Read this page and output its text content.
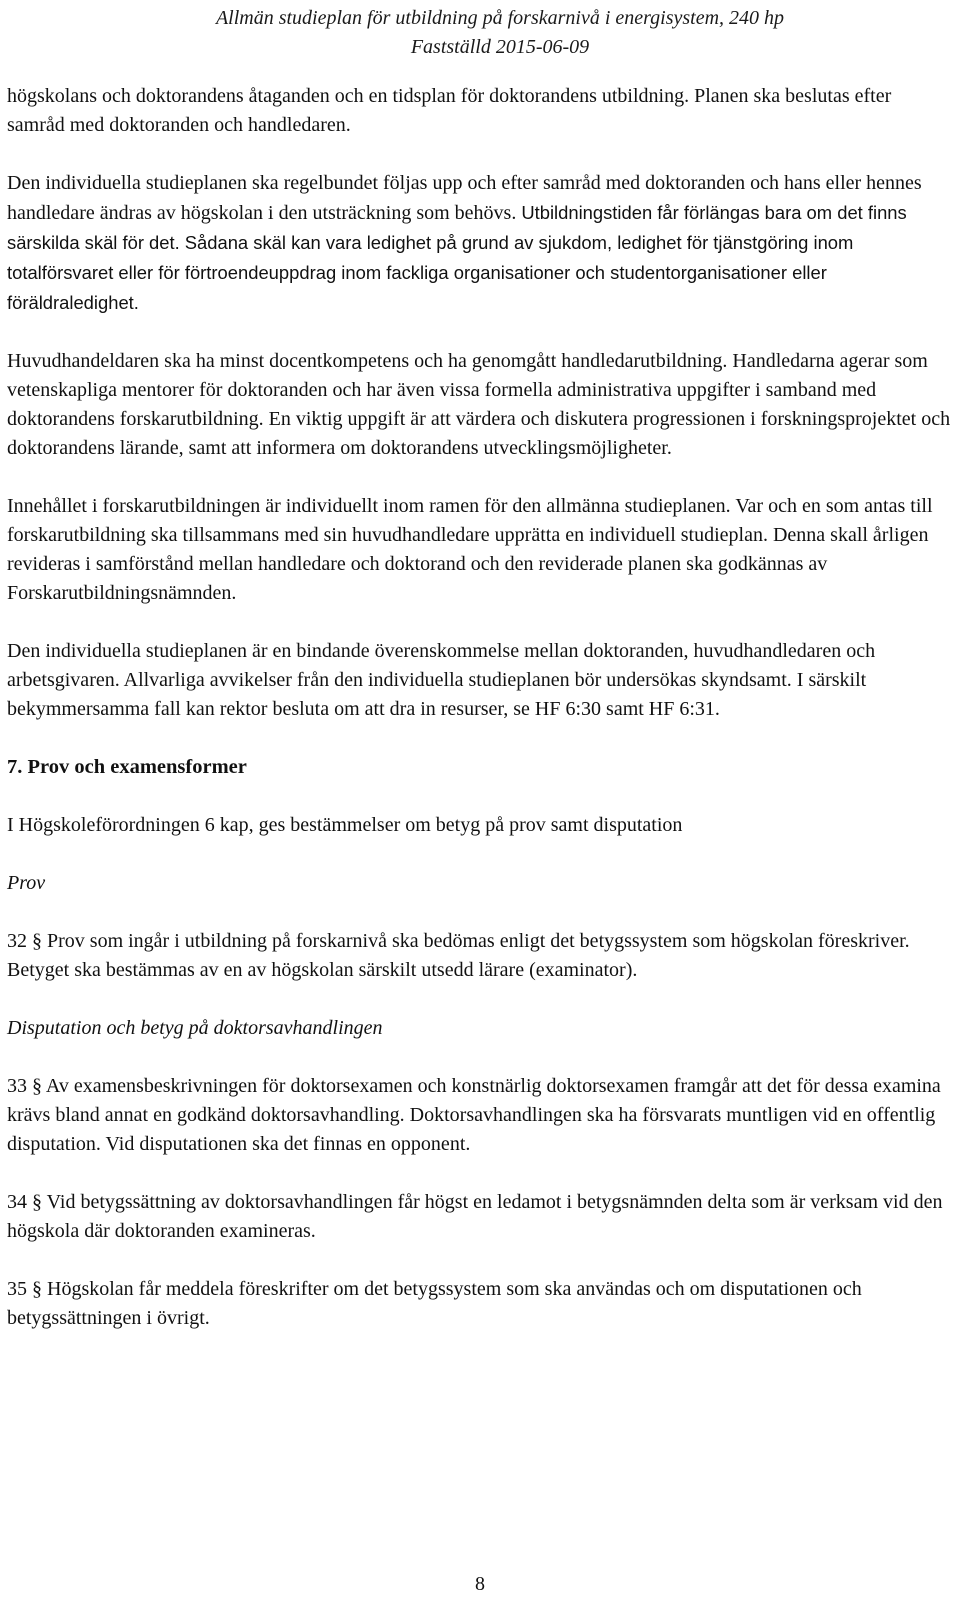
Allmän studieplan för utbildning på forskarnivå i energisystem, 240 hp
Fastställd 2015-06-09

högskolans och doktorandens åtaganden och en tidsplan för doktorandens utbildning. Planen ska beslutas efter samråd med doktoranden och handledaren.

Den individuella studieplanen ska regelbundet följas upp och efter samråd med doktoranden och hans eller hennes handledare ändras av högskolan i den utsträckning som behövs. Utbildningstiden får förlängas bara om det finns särskilda skäl för det. Sådana skäl kan vara ledighet på grund av sjukdom, ledighet för tjänstgöring inom totalförsvaret eller för förtroendeuppdrag inom fackliga organisationer och studentorganisationer eller föräldraledighet.

Huvudhandeldaren ska ha minst docentkompetens och ha genomgått handledarutbildning. Handledarna agerar som vetenskapliga mentorer för doktoranden och har även vissa formella administrativa uppgifter i samband med doktorandens forskarutbildning. En viktig uppgift är att värdera och diskutera progressionen i forskningsprojektet och doktorandens lärande, samt att informera om doktorandens utvecklingsmöjligheter.

Innehållet i forskarutbildningen är individuellt inom ramen för den allmänna studieplanen. Var och en som antas till forskarutbildning ska tillsammans med sin huvudhandledare upprätta en individuell studieplan. Denna skall årligen revideras i samförstånd mellan handledare och doktorand och den reviderade planen ska godkännas av Forskarutbildningsnämnden.

Den individuella studieplanen är en bindande överenskommelse mellan doktoranden, huvudhandledaren och arbetsgivaren. Allvarliga avvikelser från den individuella studieplanen bör undersökas skyndsamt. I särskilt bekymmersamma fall kan rektor besluta om att dra in resurser, se HF 6:30 samt HF 6:31.

7. Prov och examensformer

I Högskoleförordningen 6 kap, ges bestämmelser om betyg på prov samt disputation

Prov

32 § Prov som ingår i utbildning på forskarnivå ska bedömas enligt det betygssystem som högskolan föreskriver. Betyget ska bestämmas av en av högskolan särskilt utsedd lärare (examinator).

Disputation och betyg på doktorsavhandlingen

33 § Av examensbeskrivningen för doktorsexamen och konstnärlig doktorsexamen framgår att det för dessa examina krävs bland annat en godkänd doktorsavhandling. Doktorsavhandlingen ska ha försvarats muntligen vid en offentlig disputation. Vid disputationen ska det finnas en opponent.

34 § Vid betygssättning av doktorsavhandlingen får högst en ledamot i betygsnämnden delta som är verksam vid den högskola där doktoranden examineras.

35 § Högskolan får meddela föreskrifter om det betygssystem som ska användas och om disputationen och betygssättningen i övrigt.

8
